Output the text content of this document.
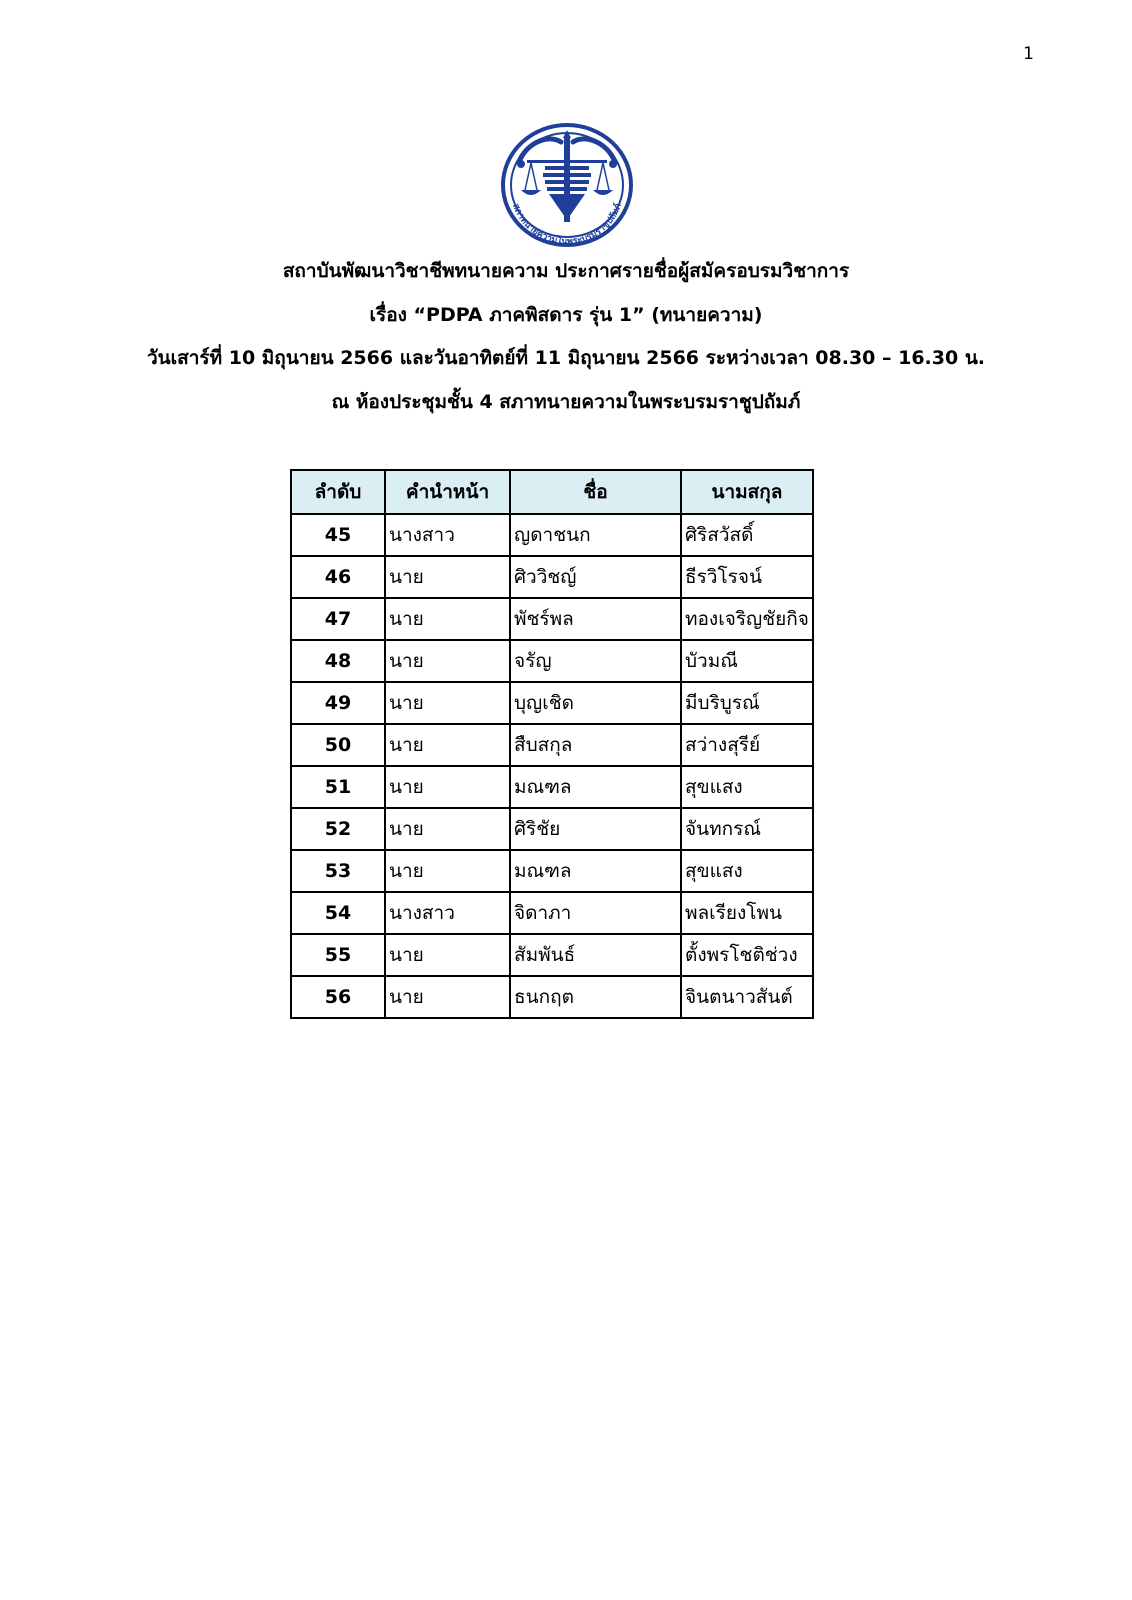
1
สภาทนายความในพระบรมราชูปถัมภ์
สถาบันพัฒนาวิชาชีพทนายความ ประกาศรายชื่อผู้สมัครอบรมวิชาการ
เรื่อง “PDPA ภาคพิสดาร รุ่น 1” (ทนายความ)
วันเสาร์ที่ 10 มิถุนายน 2566 และวันอาทิตย์ที่ 11 มิถุนายน 2566 ระหว่างเวลา 08.30 – 16.30 น.
ณ ห้องประชุมชั้น 4 สภาทนายความในพระบรมราชูปถัมภ์
ลำดับ	คำนำหน้า	ชื่อ	นามสกุล
45	นางสาว	ญดาชนก	ศิริสวัสดิ์
46	นาย	ศิววิชญ์	ธีรวิโรจน์
47	นาย	พัชร์พล	ทองเจริญชัยกิจ
48	นาย	จรัญ	บัวมณี
49	นาย	บุญเชิด	มีบริบูรณ์
50	นาย	สืบสกุล	สว่างสุรีย์
51	นาย	มณฑล	สุขแสง
52	นาย	ศิริชัย	จันทกรณ์
53	นาย	มณฑล	สุขแสง
54	นางสาว	จิดาภา	พลเรียงโพน
55	นาย	สัมพันธ์	ตั้งพรโชติช่วง
56	นาย	ธนกฤต	จินตนาวสันต์
